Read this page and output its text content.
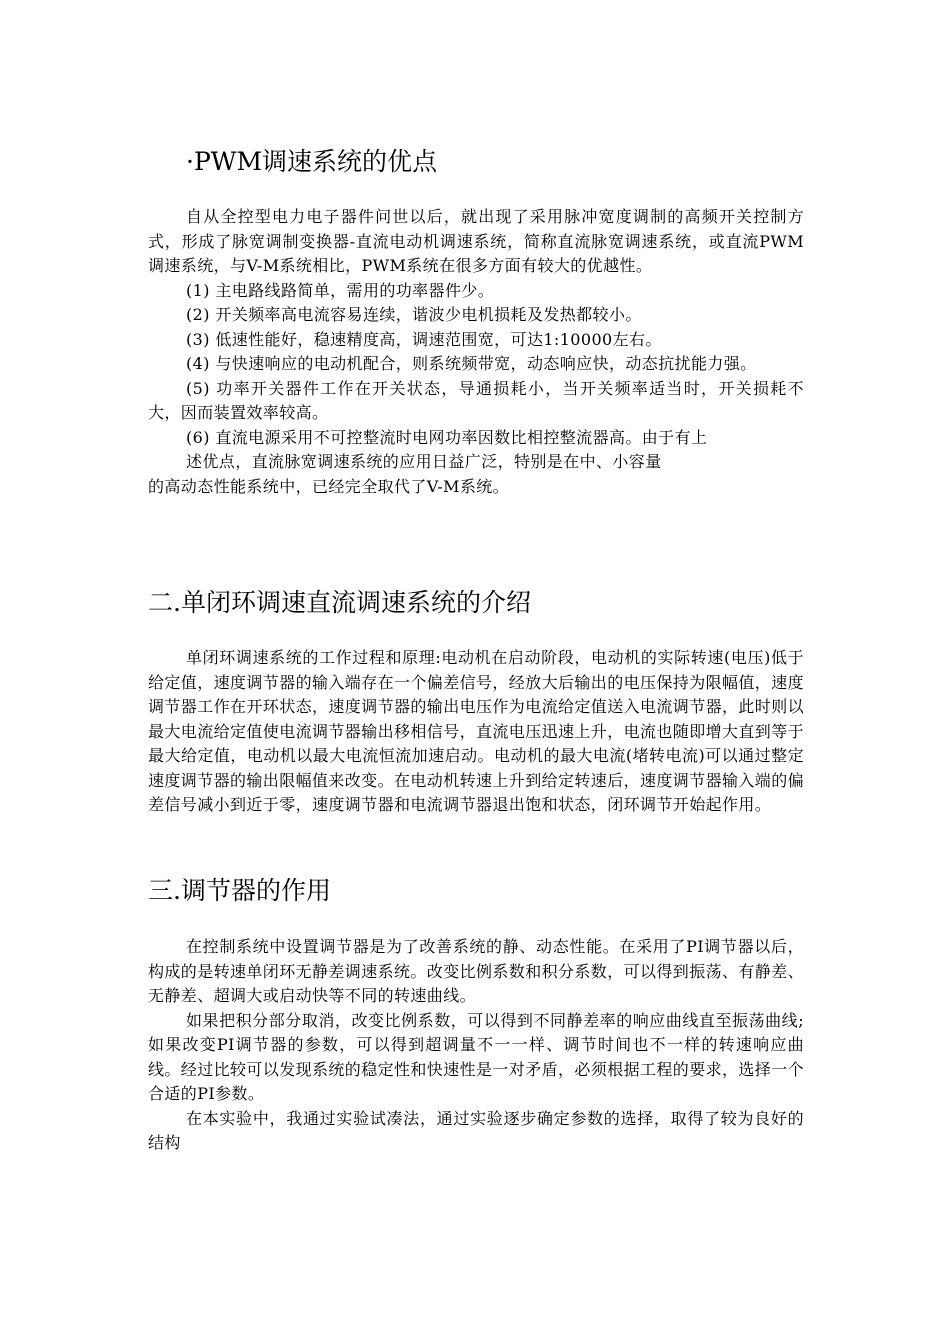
·PWM调速系统的优点

自从全控型电力电子器件问世以后，就出现了采用脉冲宽度调制的高频开关控制方式，形成了脉宽调制变换器-直流电动机调速系统，简称直流脉宽调速系统，或直流PWM调速系统，与V-M系统相比，PWM系统在很多方面有较大的优越性。

(1) 主电路线路简单，需用的功率器件少。

(2) 开关频率高电流容易连续，谐波少电机损耗及发热都较小。

(3) 低速性能好，稳速精度高，调速范围宽，可达1:10000左右。

(4) 与快速响应的电动机配合，则系统频带宽，动态响应快，动态抗扰能力强。

(5) 功率开关器件工作在开关状态，导通损耗小，当开关频率适当时，开关损耗不大，因而装置效率较高。

(6) 直流电源采用不可控整流时电网功率因数比相控整流器高。由于有上

述优点，直流脉宽调速系统的应用日益广泛，特别是在中、小容量

的高动态性能系统中，已经完全取代了V-M系统。

二.单闭环调速直流调速系统的介绍

单闭环调速系统的工作过程和原理:电动机在启动阶段，电动机的实际转速(电压)低于给定值，速度调节器的输入端存在一个偏差信号，经放大后输出的电压保持为限幅值，速度调节器工作在开环状态，速度调节器的输出电压作为电流给定值送入电流调节器，此时则以最大电流给定值使电流调节器输出移相信号，直流电压迅速上升，电流也随即增大直到等于最大给定值，电动机以最大电流恒流加速启动。电动机的最大电流(堵转电流)可以通过整定速度调节器的输出限幅值来改变。在电动机转速上升到给定转速后，速度调节器输入端的偏差信号减小到近于零，速度调节器和电流调节器退出饱和状态，闭环调节开始起作用。

三.调节器的作用

在控制系统中设置调节器是为了改善系统的静、动态性能。在采用了PI调节器以后，构成的是转速单闭环无静差调速系统。改变比例系数和积分系数，可以得到振荡、有静差、无静差、超调大或启动快等不同的转速曲线。

如果把积分部分取消，改变比例系数，可以得到不同静差率的响应曲线直至振荡曲线;如果改变PI调节器的参数，可以得到超调量不一一样、调节时间也不一样的转速响应曲线。经过比较可以发现系统的稳定性和快速性是一对矛盾，必须根据工程的要求，选择一个合适的PI参数。

在本实验中，我通过实验试凑法，通过实验逐步确定参数的选择，取得了较为良好的结构
